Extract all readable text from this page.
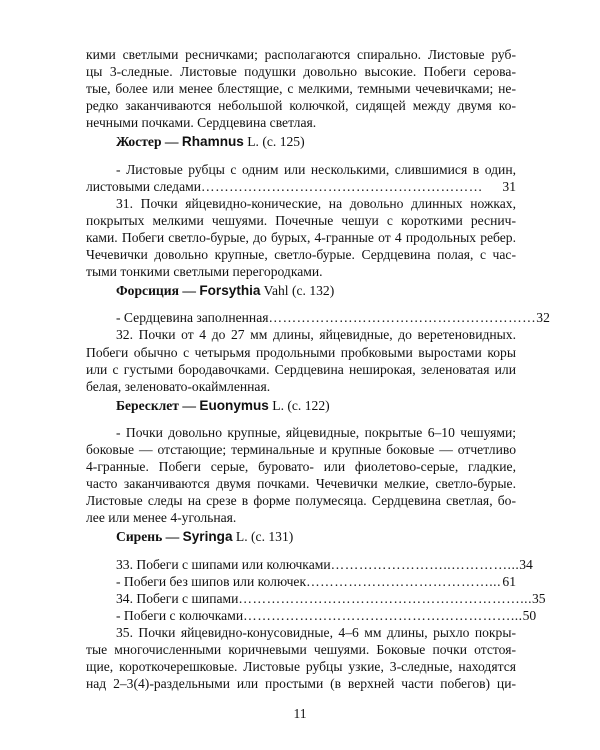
кими светлыми ресничками; располагаются спирально. Листовые руб-
цы 3-следные. Листовые подушки довольно высокие. Побеги серова-
тые, более или менее блестящие, с мелкими, темными чечевичками; не-
редко заканчиваются небольшой колючкой, сидящей между двумя ко-
нечными почками. Сердцевина светлая.
Жостер — Rhamnus L. (с. 125)
- Листовые рубцы с одним или несколькими, слившимися в один,
листовыми следами ……………………………………………………	31
31. Почки яйцевидно-конические, на довольно длинных ножках,
покрытых мелкими чешуями. Почечные чешуи с короткими реснич-
ками. Побеги светло-бурые, до бурых, 4-гранные от 4 продольных ребер.
Чечевички довольно крупные, светло-бурые. Сердцевина полая, с час-
тыми тонкими светлыми перегородками.
Форсиция — Forsythia Vahl (с. 132)
- Сердцевина заполненная ………………………………………………… 32
32. Почки от 4 до 27 мм длины, яйцевидные, до веретеновидных.
Побеги обычно с четырьмя продольными пробковыми выростами коры
или с густыми бородавочками. Сердцевина неширокая, зеленоватая или
белая, зеленовато-окаймленная.
Бересклет — Euonymus L. (с. 122)
- Почки довольно крупные, яйцевидные, покрытые 6–10 чешуями;
боковые — отстающие; терминальные и крупные боковые — отчетливо
4-гранные. Побеги серые, буровато- или фиолетово-серые, гладкие,
часто заканчиваются двумя почками. Чечевички мелкие, светло-бурые.
Листовые следы на срезе в форме полумесяца. Сердцевина светлая, бо-
лее или менее 4-угольная.
Сирень — Syringa L. (с. 131)
33. Побеги с шипами или колючками ……………………..…………... 34
- Побеги без шипов или колючек …………………………………... 61
34. Побеги с шипами ……………………………………………………... 35
- Побеги с колючками …………………………………………………... 50
35. Почки яйцевидно-конусовидные, 4–6 мм длины, рыхло покры-
тые многочисленными коричневыми чешуями. Боковые почки отстоя-
щие, короткочерешковые. Листовые рубцы узкие, 3-следные, находятся
над 2–3(4)-раздельными или простыми (в верхней части побегов) ци-
11
